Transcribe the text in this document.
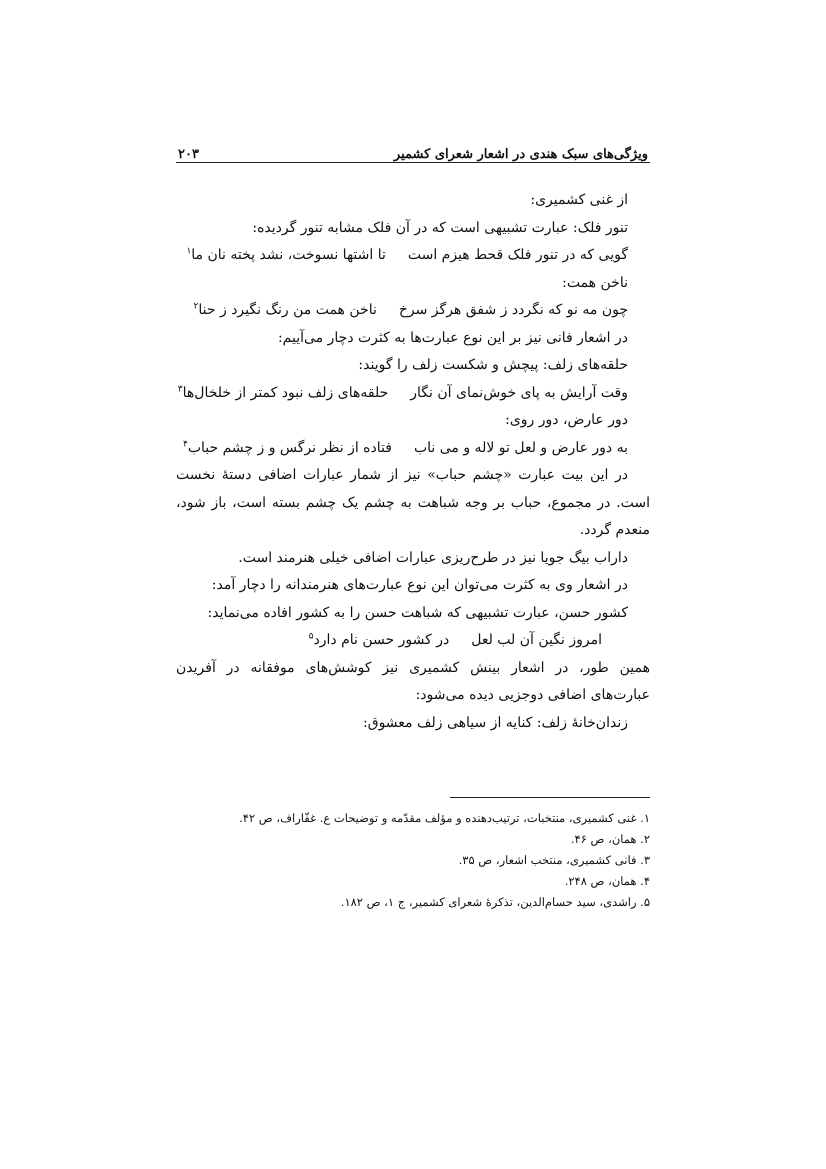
ویژگی‌های سبک هندی در اشعار شعرای کشمیر
۲۰۳
از غنی کشمیری:
تنور فلک: عبارت تشبیهی است که در آن فلک مشابه تنور گردیده:
گویی که در تنور فلک قحط هیزم است
تا اشتها نسوخت، نشد پخته نان ما$^۱$
ناخن همت:
چون مه نو که نگردد ز شفق هرگز سرخ
ناخن همت من رنگ نگیرد ز حنا$^۲$
در اشعار فانی نیز بر این نوع عبارت‌ها به کثرت دچار می‌آییم:
حلقه‌های زلف: پیچش و شکست زلف را گویند:
وقت آرایش به پای خوش‌نمای آن نگار
حلقه‌های زلف نبود کمتر از خلخال‌ها$^۳$
دور عارض، دور روی:
به دور عارض و لعل تو لاله و می ناب
فتاده از نظر نرگس و ز چشم حباب$^۴$
در این بیت عبارت «چشم حباب» نیز از شمار عبارات اضافی دستهٔ نخست است. در مجموع، حباب بر وجه شباهت به چشم یک چشم بسته است، باز شود، منعدم گردد.
داراب بیگ جویا نیز در طرح‌ریزی عبارات اضافی خیلی هنرمند است.
در اشعار وی به کثرت می‌توان این نوع عبارت‌های هنرمندانه را دچار آمد:
کشور حسن، عبارت تشبیهی که شباهت حسن را به کشور افاده می‌نماید:
امروز نگین آن لب لعل
در کشور حسن نام دارد$^۵$
همین طور، در اشعار بینش کشمیری نیز کوشش‌های موفقانه در آفریدن عبارت‌های اضافی دوجزیی دیده می‌شود:
زندان‌خانهٔ زلف: کنایه از سیاهی زلف معشوق:
۱. غنی کشمیری، منتخبات، ترتیب‌دهنده و مؤلف مقدّمه و توضیحات ع. غفّاراف، ص ۴۲.
۲. همان، ص ۴۶.
۳. فانی کشمیری، منتخب اشعار، ص ۳۵.
۴. همان، ص ۲۴۸.
۵. راشدی، سید حسام‌الدین، تذکرهٔ شعرای کشمیر، ج ۱، ص ۱۸۲.
